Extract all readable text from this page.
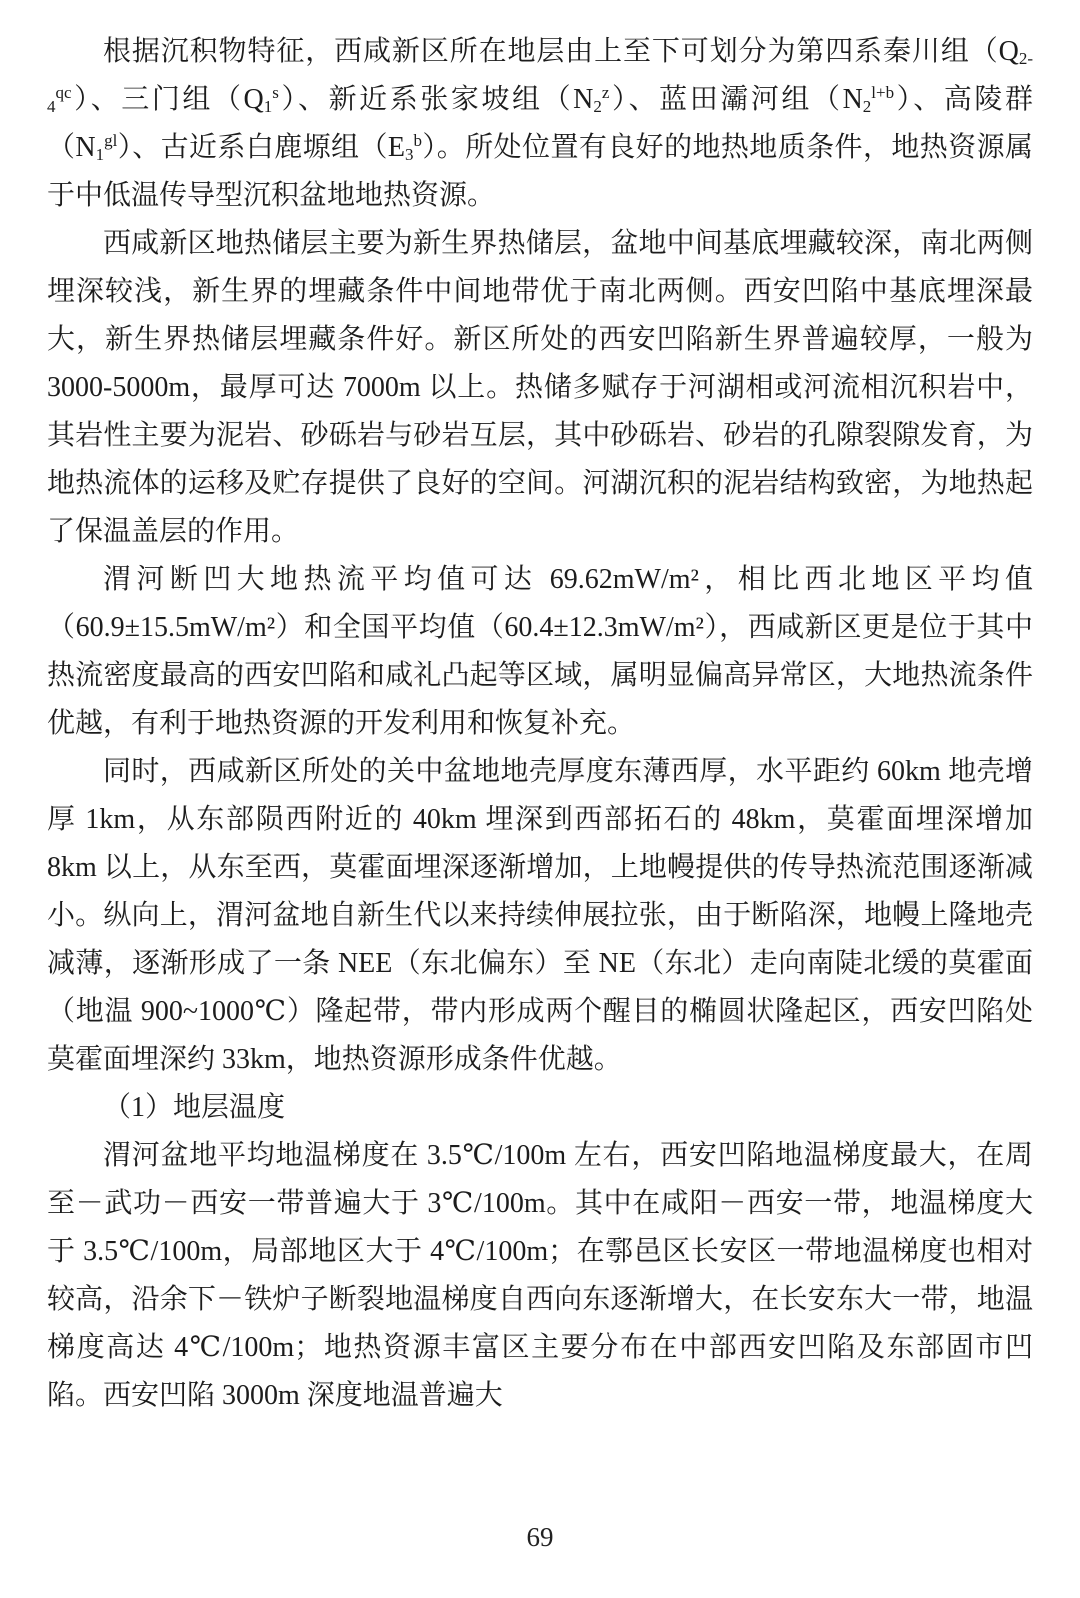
根据沉积物特征，西咸新区所在地层由上至下可划分为第四系秦川组$(Q_{2-4}^{qc})$、三门组$(Q_1^s)$、新近系张家坡组$(N_2^z)$、蓝田灞河组$(N_2^{l+b})$、高陵群$(N_1^{gl})$、古近系白鹿塬组$(E_3^b)$。所处位置有良好的地热地质条件，地热资源属于中低温传导型沉积盆地地热资源。

西咸新区地热储层主要为新生界热储层，盆地中间基底埋藏较深，南北两侧埋深较浅，新生界的埋藏条件中间地带优于南北两侧。西安凹陷中基底埋深最大，新生界热储层埋藏条件好。新区所处的西安凹陷新生界普遍较厚，一般为 3000-5000m，最厚可达 7000m 以上。热储多赋存于河湖相或河流相沉积岩中，其岩性主要为泥岩、砂砾岩与砂岩互层，其中砂砾岩、砂岩的孔隙裂隙发育，为地热流体的运移及贮存提供了良好的空间。河湖沉积的泥岩结构致密，为地热起了保温盖层的作用。

渭河断凹大地热流平均值可达 69.62mW/m²，相比西北地区平均值（60.9±15.5mW/m²）和全国平均值（60.4±12.3mW/m²），西咸新区更是位于其中热流密度最高的西安凹陷和咸礼凸起等区域，属明显偏高异常区，大地热流条件优越，有利于地热资源的开发利用和恢复补充。

同时，西咸新区所处的关中盆地地壳厚度东薄西厚，水平距约 60km 地壳增厚 1km，从东部陨西附近的 40km 埋深到西部拓石的 48km，莫霍面埋深增加 8km 以上，从东至西，莫霍面埋深逐渐增加，上地幔提供的传导热流范围逐渐减小。纵向上，渭河盆地自新生代以来持续伸展拉张，由于断陷深，地幔上隆地壳减薄，逐渐形成了一条 NEE（东北偏东）至 NE（东北）走向南陡北缓的莫霍面（地温 900~1000℃）隆起带，带内形成两个醒目的椭圆状隆起区，西安凹陷处莫霍面埋深约 33km，地热资源形成条件优越。

（1）地层温度

渭河盆地平均地温梯度在 3.5℃/100m 左右，西安凹陷地温梯度最大，在周至－武功－西安一带普遍大于 3℃/100m。其中在咸阳－西安一带，地温梯度大于 3.5℃/100m，局部地区大于 4℃/100m；在鄠邑区长安区一带地温梯度也相对较高，沿余下－铁炉子断裂地温梯度自西向东逐渐增大，在长安东大一带，地温梯度高达 4℃/100m；地热资源丰富区主要分布在中部西安凹陷及东部固市凹陷。西安凹陷 3000m 深度地温普遍大

69
